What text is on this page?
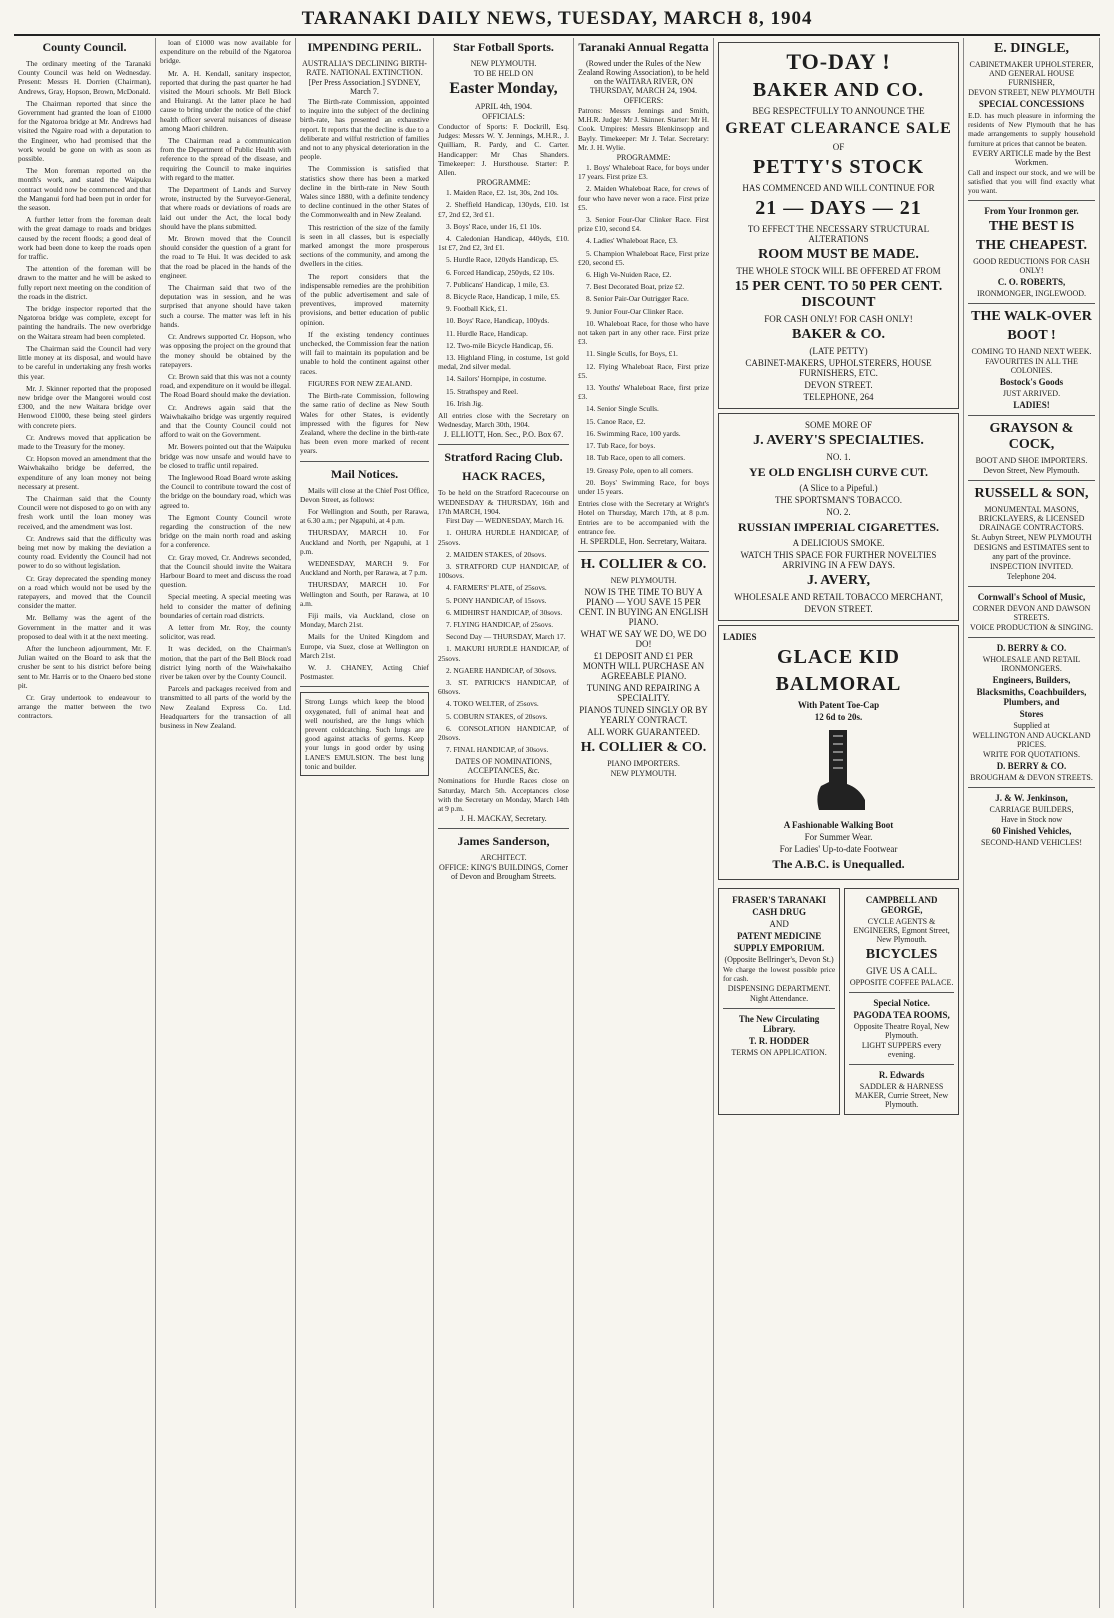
TARANAKI DAILY NEWS, TUESDAY, MARCH 8, 1904
County Council.

The ordinary meeting of the Taranaki County Council was held on Wednesday. Present: Messrs H. Dorrien (Chairman), Andrews, Gray, Hopson, Brown, McDonald.

The Chairman reported that since the Government had granted the loan of £1000 for the Ngatoroa bridge at Mr. Andrews had visited the Ngaire road with a deputation to the Engineer, who had promised that the work would be gone on with as soon as possible.

The Mon foreman reported on the month's work, and stated the Waipuku contract would now be commenced and that the Manganui ford had been put in order for the season.

A further letter from the foreman dealt with the great damage to roads and bridges caused by the recent floods; a good deal of work had been done to keep the roads open for traffic.

The attention of the foreman will be drawn to the matter and he will be asked to fully report next meeting on the condition of the roads in the district.

The bridge inspector reported that the Ngatoroa bridge was complete, except for painting the handrails. The new overbridge on the Waitara stream had been completed.

The Chairman said the Council had very little money at its disposal, and would have to be careful in undertaking any fresh works this year.

Mr. J. Skinner reported that the proposed new bridge over the Mangorei would cost £300, and the new Waitara bridge over Henwood £1000, these being steel girders with concrete piers.

Cr. Andrews moved that application be made to the Treasury for the money.

Cr. Hopson moved an amendment that the Waiwhakaiho bridge be deferred, the expenditure of any loan money not being necessary at present.

The Chairman said that the County Council were not disposed to go on with any fresh work until the loan money was received, and the amendment was lost.

Cr. Andrews said that the difficulty was being met now by making the deviation a county road. Evidently the Council had not power to do so without legislation.

Cr. Gray deprecated the spending money on a road which would not be used by the ratepayers, and moved that the Council consider the matter.

Mr. Bellamy was the agent of the Government in the matter and it was proposed to deal with it at the next meeting.

After the luncheon adjournment, Mr. F. Julian waited on the Board to ask that the crusher be sent to his district before being sent to Mr. Harris or to the Onaero bed stone pit.

Cr. Gray undertook to endeavour to arrange the matter between the two contractors.

loan of £1000 was now available for expenditure on the rebuild of the Ngatoroa bridge.

Mr. A. H. Kendall, sanitary inspector, reported that during the past quarter he had visited the Mouri schools. Mr Bell Block and Huirangi. At the latter place he had cause to bring under the notice of the chief health officer several nuisances of disease among Maori children.

The Chairman read a communication from the Department of Public Health with reference to the spread of the disease, and requiring the Council to make inquiries with regard to the matter.

The Department of Lands and Survey wrote, instructed by the Surveyor-General, that where roads or deviations of roads are laid out under the Act, the local body should have the plans submitted.

Mr. Brown moved that the Council should consider the question of a grant for the road to Te Hui. It was decided to ask that the road be placed in the hands of the engineer.

The Chairman said that two of the deputation was in session, and he was surprised that anyone should have taken such a course. The matter was left in his hands.

Cr. Andrews supported Cr. Hopson, who was opposing the project on the ground that the money should be obtained by the ratepayers.

Cr. Brown said that this was not a county road, and expenditure on it would be illegal. The Road Board should make the deviation.

Cr. Andrews again said that the Waiwhakaiho bridge was urgently required and that the County Council could not afford to wait on the Government.

Mr. Bowers pointed out that the Waipuku bridge was now unsafe and would have to be closed to traffic until repaired.

The Inglewood Road Board wrote asking the Council to contribute toward the cost of the bridge on the boundary road, which was agreed to.

The Egmont County Council wrote regarding the construction of the new bridge on the main north road and asking for a conference.

Cr. Gray moved, Cr. Andrews seconded, that the Council should invite the Waitara Harbour Board to meet and discuss the road question.

Special meeting. A special meeting was held to consider the matter of defining boundaries of certain road districts.

A letter from Mr. Roy, the county solicitor, was read.

It was decided, on the Chairman's motion, that the part of the Bell Block road district lying north of the Waiwhakaiho river be taken over by the County Council.

Parcels and packages received from and transmitted to all parts of the world by the New Zealand Express Co. Ltd. Headquarters for the transaction of all business in New Zealand.

IMPENDING PERIL.
AUSTRALIA'S DECLINING BIRTH-RATE. NATIONAL EXTINCTION.
[Per Press Association.] SYDNEY, March 7.

The Birth-rate Commission, appointed to inquire into the subject of the declining birth-rate, has presented an exhaustive report. It reports that the decline is due to a deliberate and wilful restriction of families and not to any physical deterioration in the people.

The Commission is satisfied that statistics show there has been a marked decline in the birth-rate in New South Wales since 1880, with a definite tendency to decline continued in the other States of the Commonwealth and in New Zealand.

This restriction of the size of the family is seen in all classes, but is especially marked amongst the more prosperous sections of the community, and among the dwellers in the cities.

The report considers that the indispensable remedies are the prohibition of the public advertisement and sale of preventives, improved maternity provisions, and better education of public opinion.

If the existing tendency continues unchecked, the Commission fear the nation will fail to maintain its population and be unable to hold the continent against other races.

FIGURES FOR NEW ZEALAND.

The Birth-rate Commission, following the same ratio of decline as New South Wales for other States, is evidently impressed with the figures for New Zealand, where the decline in the birth-rate has been even more marked of recent years.

Mail Notices.

Mails will close at the Chief Post Office, Devon Street, as follows:

For Wellington and South, per Rarawa, at 6.30 a.m.; per Ngapuhi, at 4 p.m.

THURSDAY, MARCH 10. For Auckland and North, per Ngapuhi, at 1 p.m.

WEDNESDAY, MARCH 9. For Auckland and North, per Rarawa, at 7 p.m.

THURSDAY, MARCH 10. For Wellington and South, per Rarawa, at 10 a.m.

Fiji mails, via Auckland, close on Monday, March 21st.

Mails for the United Kingdom and Europe, via Suez, close at Wellington on March 21st.

W. J. CHANEY, Acting Chief Postmaster.

Strong Lungs which keep the blood oxygenated, full of animal heat and well nourished, are the lungs which prevent coldcatching. Such lungs are good against attacks of germs. Keep your lungs in good order by using LANE'S EMULSION. The best lung tonic and builder.
Star Fotball Sports.
NEW PLYMOUTH.
TO BE HELD ON
Easter Monday,
APRIL 4th, 1904.
OFFICIALS:
Conductor of Sports: F. Dockrill, Esq. Judges: Messrs W. Y. Jennings, M.H.R., J. Quilliam, R. Pardy, and C. Carter. Handicapper: Mr Chas Shanders. Timekeeper: J. Hursthouse. Starter: P. Allen.
PROGRAMME:

1. Maiden Race, £2. 1st, 30s, 2nd 10s.

2. Sheffield Handicap, 130yds, £10. 1st £7, 2nd £2, 3rd £1.

3. Boys' Race, under 16, £1 10s.

4. Caledonian Handicap, 440yds, £10. 1st £7, 2nd £2, 3rd £1.

5. Hurdle Race, 120yds Handicap, £5.

6. Forced Handicap, 250yds, £2 10s.

7. Publicans' Handicap, 1 mile, £3.

8. Bicycle Race, Handicap, 1 mile, £5.

9. Football Kick, £1.

10. Boys' Race, Handicap, 100yds.

11. Hurdle Race, Handicap.

12. Two-mile Bicycle Handicap, £6.

13. Highland Fling, in costume, 1st gold medal, 2nd silver medal.

14. Sailors' Hornpipe, in costume.

15. Strathspey and Reel.

16. Irish Jig.

All entries close with the Secretary on Wednesday, March 30th, 1904.
J. ELLIOTT, Hon. Sec., P.O. Box 67.
Stratford Racing Club.
HACK RACES,
To be held on the Stratford Racecourse on WEDNESDAY & THURSDAY, 16th and 17th MARCH, 1904.

First Day — WEDNESDAY, March 16.

1. OHURA HURDLE HANDICAP, of 25sovs.

2. MAIDEN STAKES, of 20sovs.

3. STRATFORD CUP HANDICAP, of 100sovs.

4. FARMERS' PLATE, of 25sovs.

5. PONY HANDICAP, of 15sovs.

6. MIDHIRST HANDICAP, of 30sovs.

7. FLYING HANDICAP, of 25sovs.

Second Day — THURSDAY, March 17.

1. MAKURI HURDLE HANDICAP, of 25sovs.

2. NGAERE HANDICAP, of 30sovs.

3. ST. PATRICK'S HANDICAP, of 60sovs.

4. TOKO WELTER, of 25sovs.

5. COBURN STAKES, of 20sovs.

6. CONSOLATION HANDICAP, of 20sovs.

7. FINAL HANDICAP, of 30sovs.

DATES OF NOMINATIONS, ACCEPTANCES, &c.
Nominations for Hurdle Races close on Saturday, March 5th. Acceptances close with the Secretary on Monday, March 14th at 9 p.m.
J. H. MACKAY, Secretary.
James Sanderson,
ARCHITECT.
OFFICE: KING'S BUILDINGS, Corner of Devon and Brougham Streets.
Taranaki Annual Regatta
(Rowed under the Rules of the New Zealand Rowing Association), to be held on the WAITARA RIVER, ON THURSDAY, MARCH 24, 1904.
OFFICERS:
Patrons: Messrs Jennings and Smith, M.H.R. Judge: Mr J. Skinner. Starter: Mr H. Cook. Umpires: Messrs Blenkinsopp and Bayly. Timekeeper: Mr J. Telar. Secretary: Mr. J. H. Wylie.
PROGRAMME:

1. Boys' Whaleboat Race, for boys under 17 years. First prize £3.

2. Maiden Whaleboat Race, for crews of four who have never won a race. First prize £5.

3. Senior Four-Oar Clinker Race. First prize £10, second £4.

4. Ladies' Whaleboat Race, £3.

5. Champion Whaleboat Race, First prize £20, second £5.

6. High Ve-Nuiden Race, £2.

7. Best Decorated Boat, prize £2.

8. Senior Pair-Oar Outrigger Race.

9. Junior Four-Oar Clinker Race.

10. Whaleboat Race, for those who have not taken part in any other race. First prize £3.

11. Single Sculls, for Boys, £1.

12. Flying Whaleboat Race, First prize £5.

13. Youths' Whaleboat Race, first prize £3.

14. Senior Single Sculls.

15. Canoe Race, £2.

16. Swimming Race, 100 yards.

17. Tub Race, for boys.

18. Tub Race, open to all comers.

19. Greasy Pole, open to all comers.

20. Boys' Swimming Race, for boys under 15 years.

Entries close with the Secretary at Wright's Hotel on Thursday, March 17th, at 8 p.m. Entries are to be accompanied with the entrance fee.
H. SPERDLE, Hon. Secretary, Waitara.
H. COLLIER & CO.
NEW PLYMOUTH.
NOW IS THE TIME TO BUY A PIANO — YOU SAVE 15 PER CENT. IN BUYING AN ENGLISH PIANO.
WHAT WE SAY WE DO, WE DO DO!
£1 DEPOSIT AND £1 PER MONTH WILL PURCHASE AN AGREEABLE PIANO.
TUNING AND REPAIRING A SPECIALITY.
PIANOS TUNED SINGLY OR BY YEARLY CONTRACT.
ALL WORK GUARANTEED.
H. COLLIER & CO.
PIANO IMPORTERS.
NEW PLYMOUTH.
TO-DAY !
BAKER AND CO.
BEG RESPECTFULLY TO ANNOUNCE THE
GREAT CLEARANCE SALE
OF
PETTY'S STOCK
HAS COMMENCED AND WILL CONTINUE FOR
21 — DAYS — 21
TO EFFECT THE NECESSARY STRUCTURAL ALTERATIONS
ROOM MUST BE MADE.
THE WHOLE STOCK WILL BE OFFERED AT FROM
15 PER CENT. TO 50 PER CENT. DISCOUNT
FOR CASH ONLY! FOR CASH ONLY!
BAKER & CO.
(LATE PETTY)
CABINET-MAKERS, UPHOLSTERERS, HOUSE FURNISHERS, ETC.
DEVON STREET.
TELEPHONE, 264
SOME MORE OF
J. AVERY'S SPECIALTIES.
NO. 1.
YE OLD ENGLISH CURVE CUT.
(A Slice to a Pipeful.)
THE SPORTSMAN'S TOBACCO.
NO. 2.
RUSSIAN IMPERIAL CIGARETTES.
A DELICIOUS SMOKE.
WATCH THIS SPACE FOR FURTHER NOVELTIES ARRIVING IN A FEW DAYS.
J. AVERY,
WHOLESALE AND RETAIL TOBACCO MERCHANT,
DEVON STREET.
LADIES
GLACE KID
BALMORAL
With Patent Toe-Cap
12 6d to 20s.
A Fashionable Walking Boot
For Summer Wear.
For Ladies' Up-to-date Footwear
The A.B.C. is Unequalled.
FRASER'S TARANAKI
CASH DRUG
AND
PATENT MEDICINE
SUPPLY EMPORIUM.
(Opposite Bellringer's, Devon St.)
We charge the lowest possible price for cash.
DISPENSING DEPARTMENT.
Night Attendance.
The New Circulating Library.
T. R. HODDER
TERMS ON APPLICATION.
CAMPBELL AND GEORGE,
CYCLE AGENTS & ENGINEERS, Egmont Street, New Plymouth.
BICYCLES
GIVE US A CALL.
OPPOSITE COFFEE PALACE.
Special Notice.
PAGODA TEA ROOMS,
Opposite Theatre Royal, New Plymouth.
LIGHT SUPPERS every evening.
R. Edwards
SADDLER & HARNESS MAKER, Currie Street, New Plymouth.
E. DINGLE,
CABINETMAKER UPHOLSTERER, AND GENERAL HOUSE FURNISHER,
DEVON STREET, NEW PLYMOUTH
SPECIAL CONCESSIONS
E.D. has much pleasure in informing the residents of New Plymouth that he has made arrangements to supply household furniture at prices that cannot be beaten.
EVERY ARTICLE made by the Best Workmen.
Call and inspect our stock, and we will be satisfied that you will find exactly what you want.
From Your Ironmon ger.
THE BEST IS
THE CHEAPEST.
GOOD REDUCTIONS FOR CASH ONLY!
C. O. ROBERTS,
IRONMONGER, INGLEWOOD.
THE WALK-OVER
BOOT !
COMING TO HAND NEXT WEEK.
FAVOURITES IN ALL THE COLONIES.
Bostock's Goods
JUST ARRIVED.
LADIES!
GRAYSON & COCK,
BOOT AND SHOE IMPORTERS.
Devon Street, New Plymouth.
RUSSELL & SON,
MONUMENTAL MASONS, BRICKLAYERS, & LICENSED DRAINAGE CONTRACTORS.
St. Aubyn Street, NEW PLYMOUTH
DESIGNS and ESTIMATES sent to any part of the province.
INSPECTION INVITED.
Telephone 204.
Cornwall's School of Music,
CORNER DEVON AND DAWSON STREETS.
VOICE PRODUCTION & SINGING.
D. BERRY & CO.
WHOLESALE AND RETAIL IRONMONGERS.
Engineers, Builders,
Blacksmiths, Coachbuilders, Plumbers, and
Stores
Supplied at
WELLINGTON AND AUCKLAND PRICES.
WRITE FOR QUOTATIONS.
D. BERRY & CO.
BROUGHAM & DEVON STREETS.
J. & W. Jenkinson,
CARRIAGE BUILDERS,
Have in Stock now
60 Finished Vehicles,
SECOND-HAND VEHICLES!
